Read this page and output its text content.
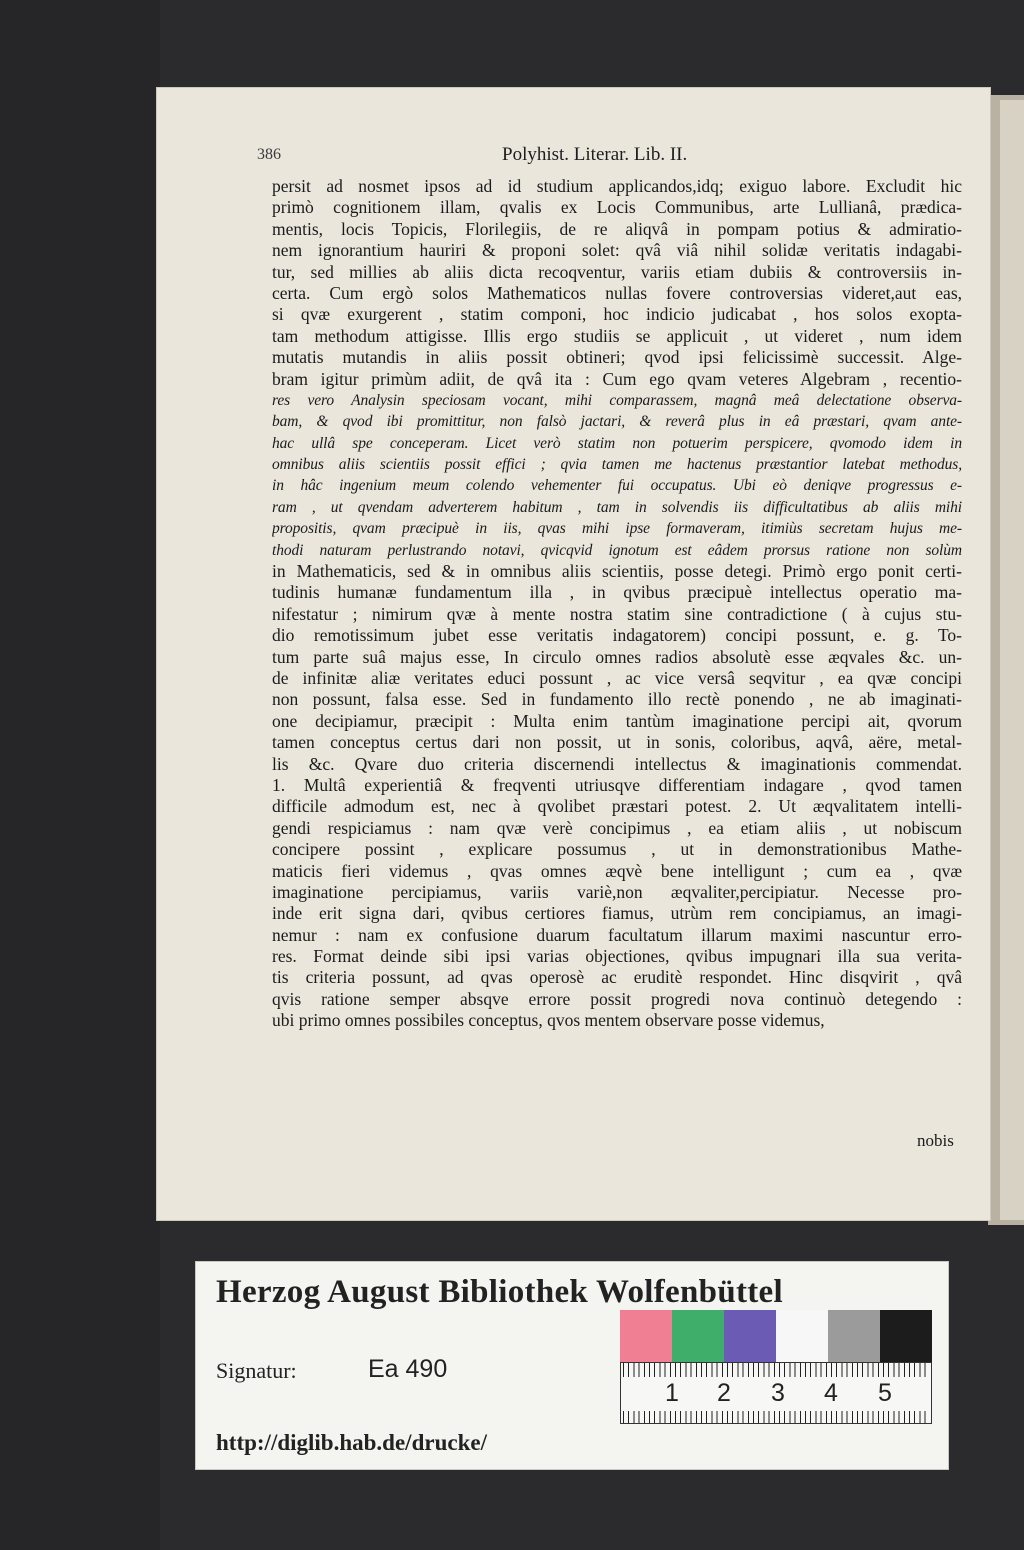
386	Polyhist. Literar. Lib. II.
persit ad nosmet ipsos ad id studium applicandos,idq; exiguo labore. Excludit hic
primò cognitionem illam, qvalis ex Locis Communibus, arte Lullianâ, prædica-
mentis, locis Topicis, Florilegiis, de re aliqvâ in pompam potius & admiratio-
nem ignorantium hauriri & proponi solet: qvâ viâ nihil solidæ veritatis indagabi-
tur, sed millies ab aliis dicta recoqventur, variis etiam dubiis & controversiis in-
certa. Cum ergò solos Mathematicos nullas fovere controversias videret,aut eas,
si qvæ exurgerent , statim componi, hoc indicio judicabat , hos solos exopta-
tam methodum attigisse. Illis ergo studiis se applicuit , ut videret , num idem
mutatis mutandis in aliis possit obtineri; qvod ipsi felicissimè successit. Alge-
bram igitur primùm adiit, de qvâ ita : Cum ego qvam veteres Algebram , recentio-
res vero Analysin speciosam vocant, mihi comparassem, magnâ meâ delectatione observa-
bam, & qvod ibi promittitur, non falsò jactari, & reverâ plus in eâ præstari, qvam ante-
hac ullâ spe conceperam. Licet verò statim non potuerim perspicere, qvomodo idem in
omnibus aliis scientiis possit effici ; qvia tamen me hactenus præstantior latebat methodus,
in hâc ingenium meum colendo vehementer fui occupatus. Ubi eò deniqve progressus e-
ram , ut qvendam adverterem habitum , tam in solvendis iis difficultatibus ab aliis mihi
propositis, qvam præcipuè in iis, qvas mihi ipse formaveram, itimiùs secretam hujus me-
thodi naturam perlustrando notavi, qvicqvid ignotum est eâdem prorsus ratione non solùm
in Mathematicis, sed & in omnibus aliis scientiis, posse detegi. Primò ergo ponit certi-
tudinis humanæ fundamentum illa , in qvibus præcipuè intellectus operatio ma-
nifestatur ; nimirum qvæ à mente nostra statim sine contradictione ( à cujus stu-
dio remotissimum jubet esse veritatis indagatorem) concipi possunt, e. g. To-
tum parte suâ majus esse, In circulo omnes radios absolutè esse æqvales &c. un-
de infinitæ aliæ veritates educi possunt , ac vice versâ seqvitur , ea qvæ concipi
non possunt, falsa esse. Sed in fundamento illo rectè ponendo , ne ab imaginati-
one decipiamur, præcipit : Multa enim tantùm imaginatione percipi ait, qvorum
tamen conceptus certus dari non possit, ut in sonis, coloribus, aqvâ, aëre, metal-
lis &c. Qvare duo criteria discernendi intellectus & imaginationis commendat.
1. Multâ experientiâ & freqventi utriusqve differentiam indagare , qvod tamen
difficile admodum est, nec à qvolibet præstari potest. 2. Ut æqvalitatem intelli-
gendi respiciamus : nam qvæ verè concipimus , ea etiam aliis , ut nobiscum
concipere possint , explicare possumus , ut in demonstrationibus Mathe-
maticis fieri videmus , qvas omnes æqvè bene intelligunt ; cum ea , qvæ
imaginatione percipiamus, variis variè,non æqvaliter,percipiatur. Necesse pro-
inde erit signa dari, qvibus certiores fiamus, utrùm rem concipiamus, an imagi-
nemur : nam ex confusione duarum facultatum illarum maximi nascuntur erro-
res. Format deinde sibi ipsi varias objectiones, qvibus impugnari illa sua verita-
tis criteria possunt, ad qvas operosè ac eruditè respondet. Hinc disqvirit , qvâ
qvis ratione semper absqve errore possit progredi nova continuò detegendo :
ubi primo omnes possibiles conceptus, qvos mentem observare posse videmus,
nobis
Herzog August Bibliothek Wolfenbüttel
Signatur:	Ea 490
http://diglib.hab.de/drucke/
1 2 3 4 5
